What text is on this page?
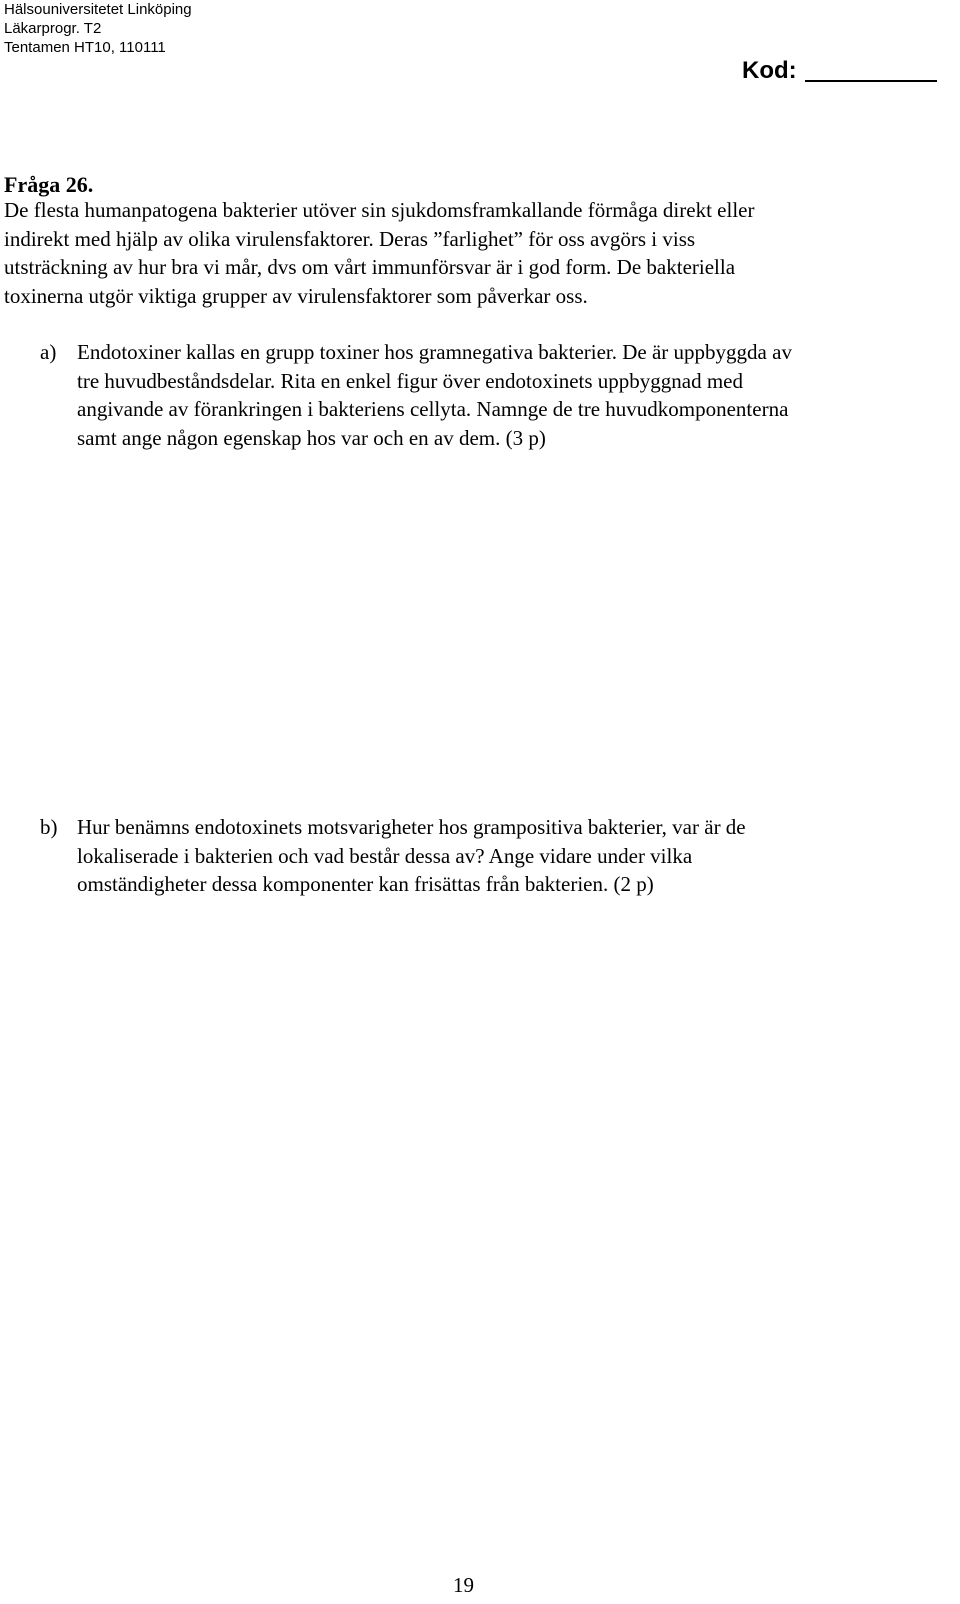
Hälsouniversitetet Linköping
Läkarprogr. T2
Tentamen HT10, 110111
Kod:
Fråga 26.
De flesta humanpatogena bakterier utöver sin sjukdomsframkallande förmåga direkt eller
indirekt med hjälp av olika virulensfaktorer. Deras ”farlighet” för oss avgörs i viss
utsträckning av hur bra vi mår, dvs om vårt immunförsvar är i god form. De bakteriella
toxinerna utgör viktiga grupper av virulensfaktorer som påverkar oss.
a) Endotoxiner kallas en grupp toxiner hos gramnegativa bakterier. De är uppbyggda av
tre huvudbeståndsdelar. Rita en enkel figur över endotoxinets uppbyggnad med
angivande av förankringen i bakteriens cellyta. Namnge de tre huvudkomponenterna
samt ange någon egenskap hos var och en av dem. (3 p)
b) Hur benämns endotoxinets motsvarigheter hos grampositiva bakterier, var är de
lokaliserade i bakterien och vad består dessa av? Ange vidare under vilka
omständigheter dessa komponenter kan frisättas från bakterien. (2 p)
19
